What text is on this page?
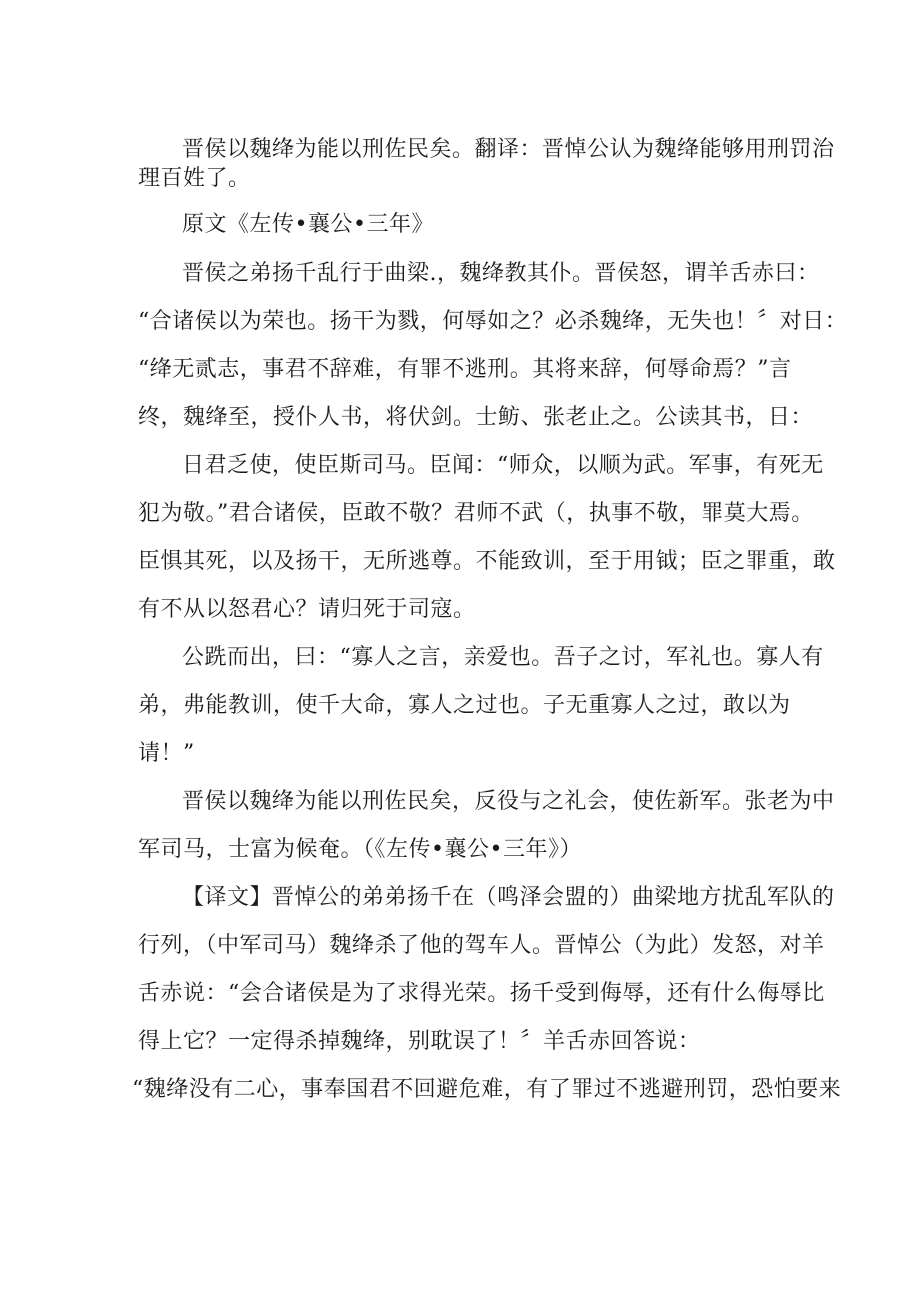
晋侯以魏绛为能以刑佐民矣。翻译：晋悼公认为魏绛能够用刑罚治
理百姓了。
原文《左传•襄公•三年》
晋侯之弟扬千乱行于曲梁.，魏绛教其仆。晋侯怒，谓羊舌赤曰：
“合诸侯以为荣也。扬干为戮，何辱如之？必杀魏绛，无失也！〞对日：
“绛无贰志，事君不辞难，有罪不逃刑。其将来辞，何辱命焉？”言
终，魏绛至，授仆人书，将伏剑。士鲂、张老止之。公读其书，日：
日君乏使，使臣斯司马。臣闻：“师众，以顺为武。军事，有死无
犯为敬。”君合诸侯，臣敢不敬？君师不武（，执事不敬，罪莫大焉。
臣惧其死，以及扬干，无所逃尊。不能致训，至于用钺；臣之罪重，敢
有不从以怒君心？请归死于司寇。
公跣而出，曰：“寡人之言，亲爱也。吾子之讨，军礼也。寡人有
弟，弗能教训，使千大命，寡人之过也。子无重寡人之过，敢以为
请！”
晋侯以魏绛为能以刑佐民矣，反役与之礼会，使佐新军。张老为中
军司马，士富为候奄。（《左传•襄公•三年》）
【译文】晋悼公的弟弟扬千在（鸣泽会盟的）曲梁地方扰乱军队的
行列，（中军司马）魏绛杀了他的驾车人。晋悼公（为此）发怒，对羊
舌赤说：“会合诸侯是为了求得光荣。扬千受到侮辱，还有什么侮辱比
得上它？一定得杀掉魏绛，别耽误了！〞羊舌赤回答说：
“魏绛没有二心，事奉国君不回避危难，有了罪过不逃避刑罚，恐怕要来
